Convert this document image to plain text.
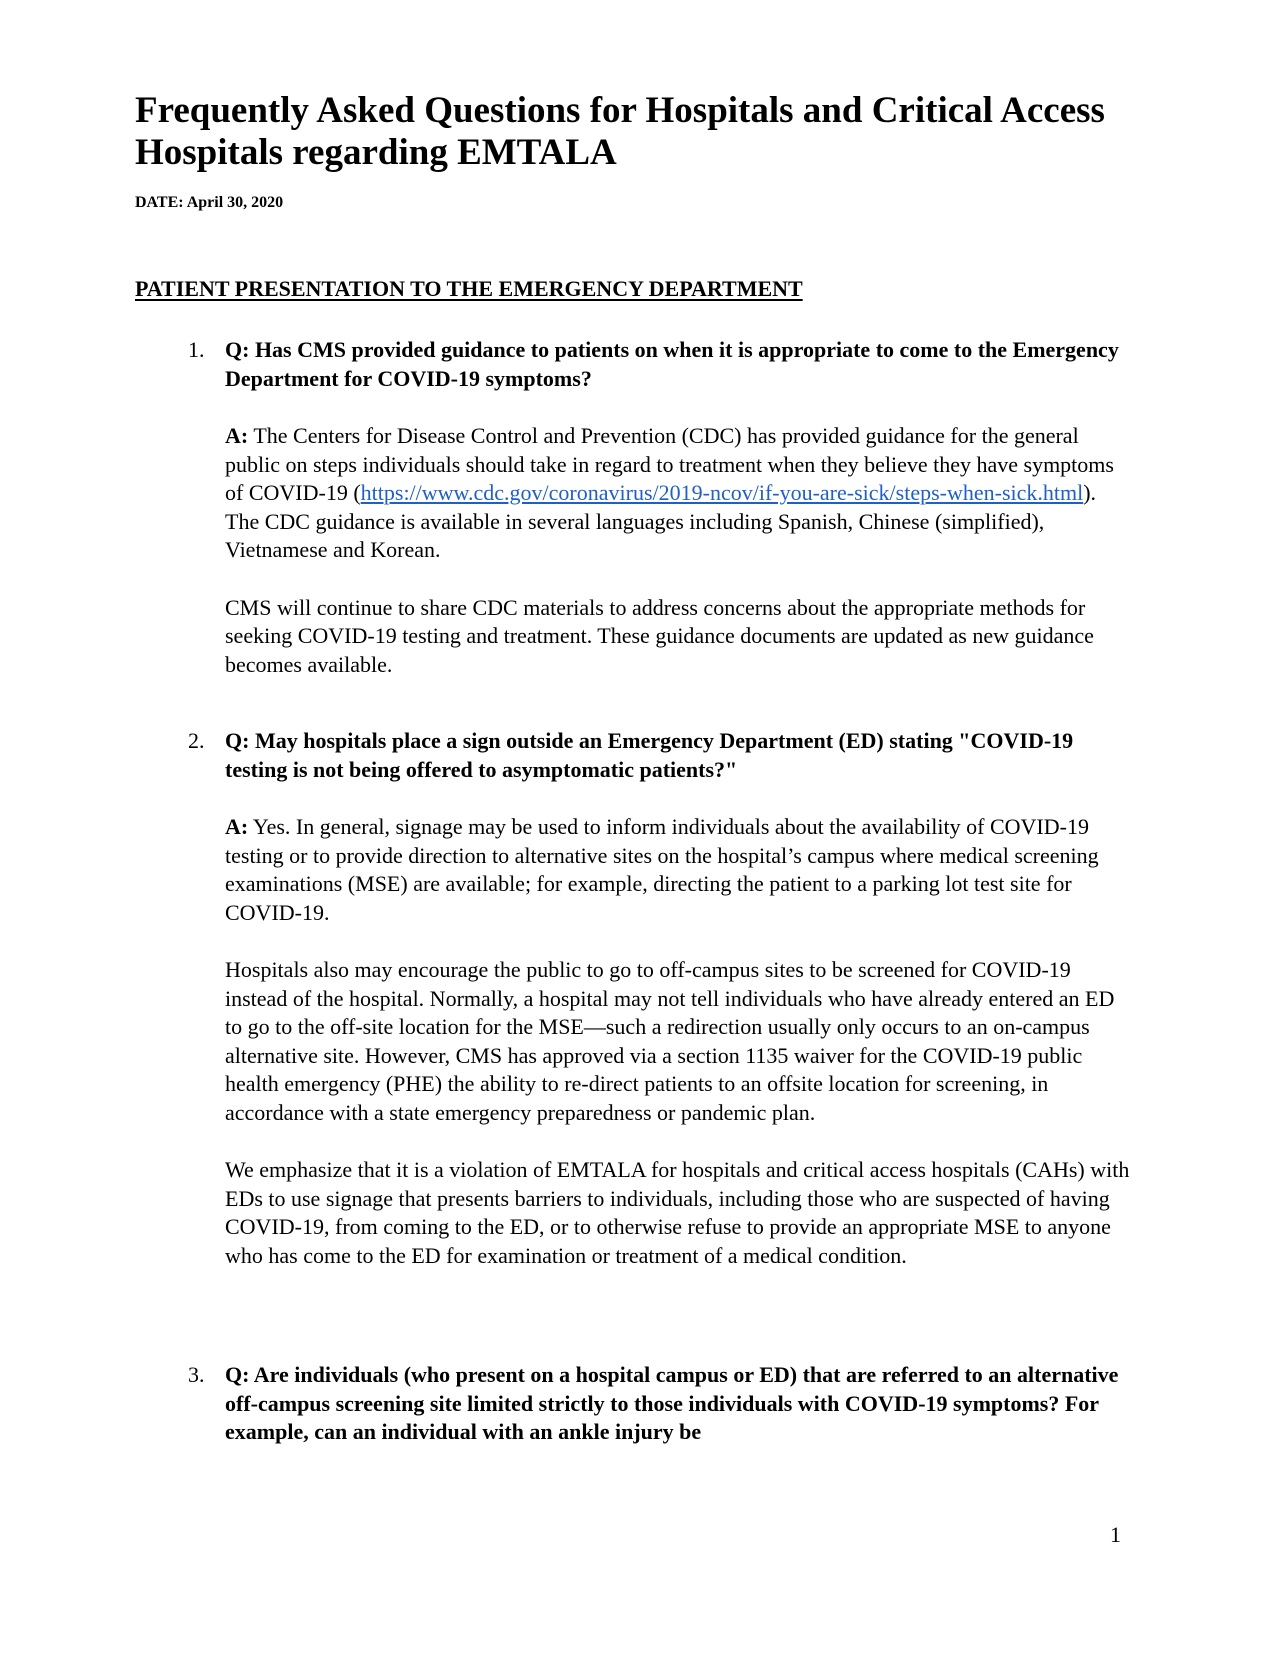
Frequently Asked Questions for Hospitals and Critical Access Hospitals regarding EMTALA

DATE: April 30, 2020

PATIENT PRESENTATION TO THE EMERGENCY DEPARTMENT
1. Q: Has CMS provided guidance to patients on when it is appropriate to come to the Emergency Department for COVID-19 symptoms?

A: The Centers for Disease Control and Prevention (CDC) has provided guidance for the general public on steps individuals should take in regard to treatment when they believe they have symptoms of COVID-19 (https://www.cdc.gov/coronavirus/2019-ncov/if-you-are-sick/steps-when-sick.html). The CDC guidance is available in several languages including Spanish, Chinese (simplified), Vietnamese and Korean.

CMS will continue to share CDC materials to address concerns about the appropriate methods for seeking COVID-19 testing and treatment. These guidance documents are updated as new guidance becomes available.

2. Q: May hospitals place a sign outside an Emergency Department (ED) stating "COVID-19 testing is not being offered to asymptomatic patients?"

A: Yes. In general, signage may be used to inform individuals about the availability of COVID-19 testing or to provide direction to alternative sites on the hospital’s campus where medical screening examinations (MSE) are available; for example, directing the patient to a parking lot test site for COVID-19.

Hospitals also may encourage the public to go to off-campus sites to be screened for COVID-19 instead of the hospital. Normally, a hospital may not tell individuals who have already entered an ED to go to the off-site location for the MSE—such a redirection usually only occurs to an on-campus alternative site. However, CMS has approved via a section 1135 waiver for the COVID-19 public health emergency (PHE) the ability to re-direct patients to an offsite location for screening, in accordance with a state emergency preparedness or pandemic plan.

We emphasize that it is a violation of EMTALA for hospitals and critical access hospitals (CAHs) with EDs to use signage that presents barriers to individuals, including those who are suspected of having COVID-19, from coming to the ED, or to otherwise refuse to provide an appropriate MSE to anyone who has come to the ED for examination or treatment of a medical condition.

3. Q: Are individuals (who present on a hospital campus or ED) that are referred to an alternative off-campus screening site limited strictly to those individuals with COVID-19 symptoms? For example, can an individual with an ankle injury be

1
